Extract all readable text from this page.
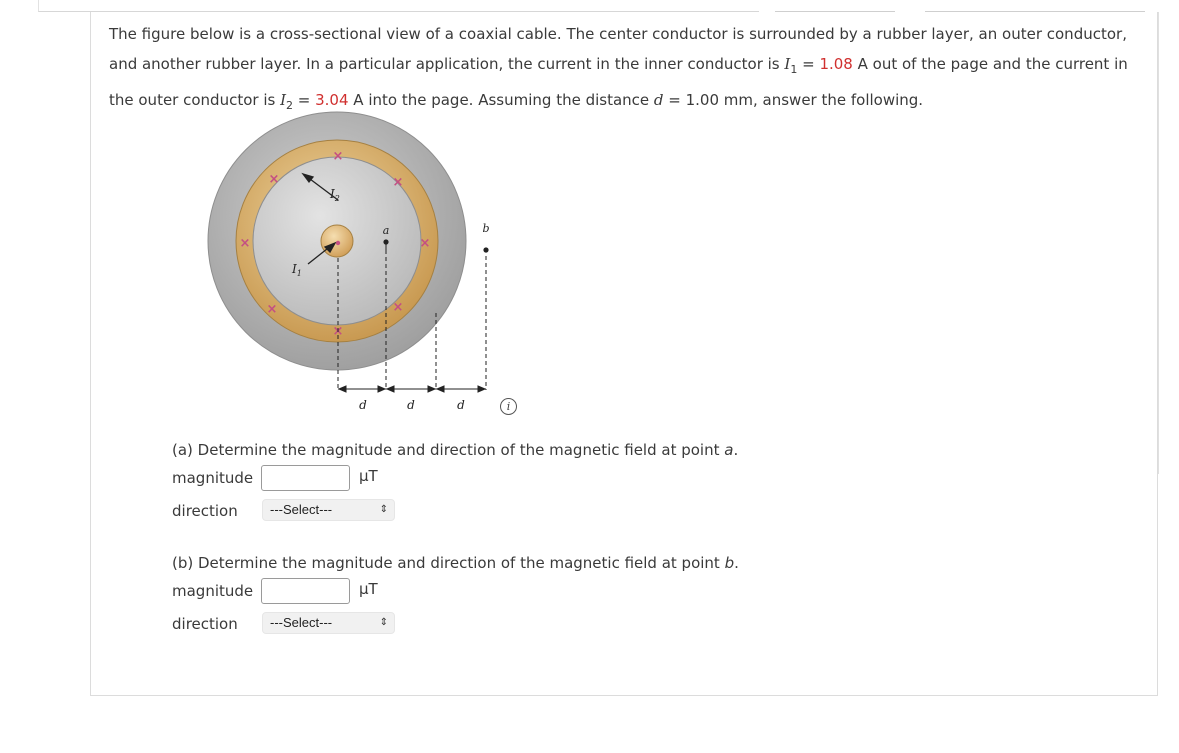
The figure below is a cross-sectional view of a coaxial cable. The center conductor is surrounded by a rubber layer, an outer conductor, and another rubber layer. In a particular application, the current in the inner conductor is $I_1 = 1.08$ A out of the page and the current in the outer conductor is $I_2 = 3.04$ A into the page. Assuming the distance d = 1.00 mm, answer the following.
×
×	×
×	×
×	×
×
$I_2$
$I_1$
a	b
d	d	d	i
(a) Determine the magnitude and direction of the magnetic field at point a.
magnitude	µT
direction	---Select---	⇕
(b) Determine the magnitude and direction of the magnetic field at point b.
magnitude	µT
direction	---Select---	⇕
